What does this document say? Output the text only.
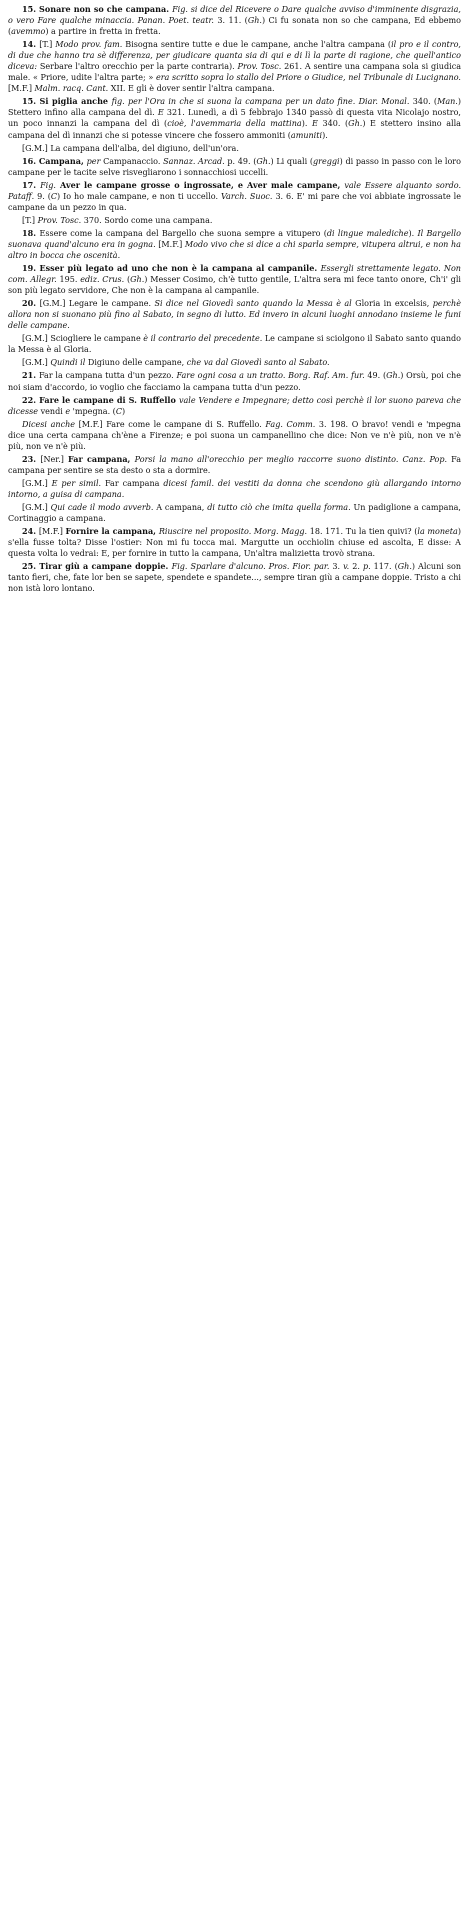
15. Sonare non so che campana. Fig. si dice del Ricevere o Dare qualche avviso d'imminente disgrazia, o vero Fare qualche minaccia. Panan. Poet. teatr. 3. 11. (Gh.) Ci fu sonata non so che campana, Ed ebbemo (avemmo) a partire in fretta in fretta.

14. [T.] Modo prov. fam. Bisogna sentire tutte e due le campane, anche l'altra campana (il pro e il contro, di due che hanno tra sè differenza, per giudicare quanta sia di qui e di lì la parte di ragione, che quell'antico diceva: Serbare l'altro orecchio per la parte contraria). Prov. Tosc. 261. A sentire una campana sola si giudica male. « Priore, udite l'altra parte; » era scritto sopra lo stallo del Priore o Giudice, nel Tribunale di Lucignano. [M.F.] Malm. racq. Cant. XII. E gli è dover sentir l'altra campana.

15. Si piglia anche fig. per l'Ora in che si suona la campana per un dato fine. Diar. Monal. 340. (Man.) Stettero infino alla campana del dì. E 321. Lunedì, a dì 5 febbrajo 1340 passò di questa vita Nicolajo nostro, un poco innanzi la campana del dì (cioè, l'avemmaria della mattina). E 340. (Gh.) E stettero insino alla campana del dì innanzi che si potesse vincere che fossero ammoniti (amuniti).

[G.M.] La campana dell'alba, del digiuno, dell'un'ora.

16. Campana, per Campanaccio. Sannaz. Arcad. p. 49. (Gh.) Li quali (greggi) di passo in passo con le loro campane per le tacite selve risvegliarono i sonnacchiosi uccelli.

17. Fig. Aver le campane grosse o ingrossate, e Aver male campane, vale Essere alquanto sordo. Pataff. 9. (C) Io ho male campane, e non ti uccello. Varch. Suoc. 3. 6. E' mi pare che voi abbiate ingrossate le campane da un pezzo in qua.

[T.] Prov. Tosc. 370. Sordo come una campana.

18. Essere come la campana del Bargello che suona sempre a vitupero (di lingue malediche). Il Bargello suonava quand'alcuno era in gogna. [M.F.] Modo vivo che si dice a chi sparla sempre, vitupera altrui, e non ha altro in bocca che oscenità.

19. Esser più legato ad uno che non è la campana al campanile. Essergli strettamente legato. Non com. Allegr. 195. ediz. Crus. (Gh.) Messer Cosimo, ch'è tutto gentile, L'altra sera mi fece tanto onore, Ch'i' gli son più legato servidore, Che non è la campana al campanile.

20. [G.M.] Legare le campane. Si dice nel Giovedì santo quando la Messa è al Gloria in excelsis, perchè allora non si suonano più fino al Sabato, in segno di lutto. Ed invero in alcuni luoghi annodano insieme le funi delle campane.

[G.M.] Sciogliere le campane è il contrario del precedente. Le campane si sciolgono il Sabato santo quando la Messa è al Gloria.

[G.M.] Quindi il Digiuno delle campane, che va dal Giovedì santo al Sabato.

21. Far la campana tutta d'un pezzo. Fare ogni cosa a un tratto. Borg. Raf. Am. fur. 49. (Gh.) Orsù, poi che noi siam d'accordo, io voglio che facciamo la campana tutta d'un pezzo.

22. Fare le campane di S. Ruffello vale Vendere e Impegnare; detto così perchè il lor suono pareva che dicesse vendi e 'mpegna. (C)

Dicesi anche [M.F.] Fare come le campane di S. Ruffello. Fag. Comm. 3. 198. O bravo! vendi e 'mpegna dice una certa campana ch'ène a Firenze; e poi suona un campanellino che dice: Non ve n'è più, non ve n'è più, non ve n'è più.

23. [Ner.] Far campana, Porsi la mano all'orecchio per meglio raccorre suono distinto. Canz. Pop. Fa campana per sentire se sta desto o sta a dormire.

[G.M.] E per simil. Far campana dicesi famil. dei vestiti da donna che scendono giù allargando intorno intorno, a guisa di campana.

[G.M.] Qui cade il modo avverb. A campana, di tutto ciò che imita quella forma. Un padiglione a campana, Cortinaggio a campana.

24. [M.F.] Fornire la campana, Riuscire nel proposito. Morg. Magg. 18. 171. Tu la tien quivi? (la moneta) s'ella fusse tolta? Disse l'ostier: Non mi fu tocca mai. Margutte un occhiolin chiuse ed ascolta, E disse: A questa volta lo vedrai: E, per fornire in tutto la campana, Un'altra malizietta trovò strana.

25. Tirar giù a campane doppie. Fig. Sparlare d'alcuno. Pros. Fior. par. 3. v. 2. p. 117. (Gh.) Alcuni son tanto fieri, che, fate lor ben se sapete, spendete e spandete..., sempre tiran giù a campane doppie. Tristo a chi non istà loro lontano.
